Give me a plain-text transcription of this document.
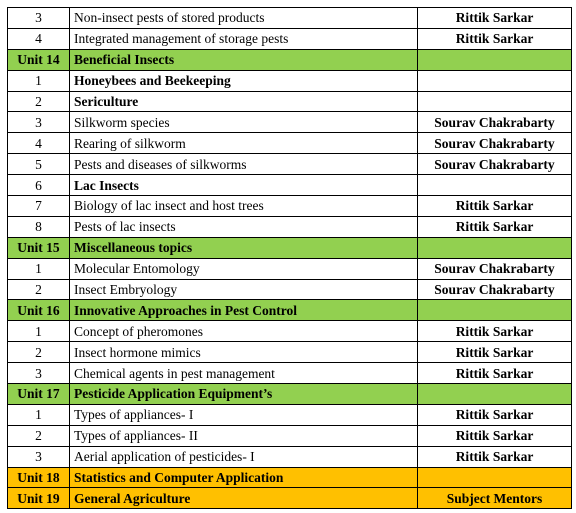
3	Non-insect pests of stored products	Rittik Sarkar
4	Integrated management of storage pests	Rittik Sarkar
Unit 14	Beneficial Insects	
1	Honeybees and Beekeeping	
2	Sericulture	
3	Silkworm species	Sourav Chakrabarty
4	Rearing of silkworm	Sourav Chakrabarty
5	Pests and diseases of silkworms	Sourav Chakrabarty
6	Lac Insects	
7	Biology of lac insect and host trees	Rittik Sarkar
8	Pests of lac insects	Rittik Sarkar
Unit 15	Miscellaneous topics	
1	Molecular Entomology	Sourav Chakrabarty
2	Insect Embryology	Sourav Chakrabarty
Unit 16	Innovative Approaches in Pest Control	
1	Concept of pheromones	Rittik Sarkar
2	Insect hormone mimics	Rittik Sarkar
3	Chemical agents in pest management	Rittik Sarkar
Unit 17	Pesticide Application Equipment’s	
1	Types of appliances- I	Rittik Sarkar
2	Types of appliances- II	Rittik Sarkar
3	Aerial application of pesticides- I	Rittik Sarkar
Unit 18	Statistics and Computer Application	
Unit 19	General Agriculture	Subject Mentors
